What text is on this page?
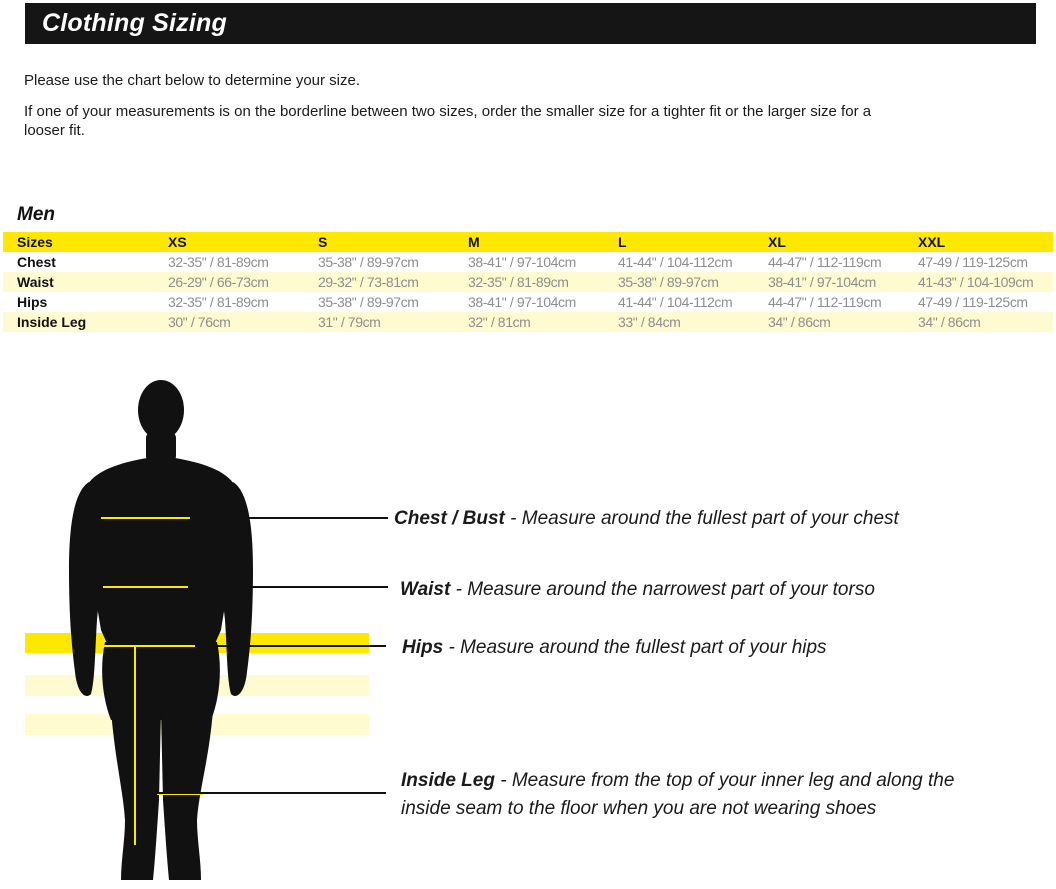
Clothing Sizing
Please use the chart below to determine your size.
If one of your measurements is on the borderline between two sizes, order the smaller size for a tighter fit or the larger size for a looser fit.
Men
Sizes	XS	S	M	L	XL	XXL
Chest	32-35" / 81-89cm	35-38" / 89-97cm	38-41" / 97-104cm	41-44" / 104-112cm	44-47" / 112-119cm	47-49 / 119-125cm
Waist	26-29" / 66-73cm	29-32" / 73-81cm	32-35" / 81-89cm	35-38" / 89-97cm	38-41" / 97-104cm	41-43" / 104-109cm
Hips	32-35" / 81-89cm	35-38" / 89-97cm	38-41" / 97-104cm	41-44" / 104-112cm	44-47" / 112-119cm	47-49 / 119-125cm
Inside Leg	30" / 76cm	31" / 79cm	32" / 81cm	33" / 84cm	34" / 86cm	34" / 86cm
Chest / Bust - Measure around the fullest part of your chest
Waist - Measure around the narrowest part of your torso
Hips - Measure around the fullest part of your hips
Inside Leg - Measure from the top of your inner leg and along the
inside seam to the floor when you are not wearing shoes
